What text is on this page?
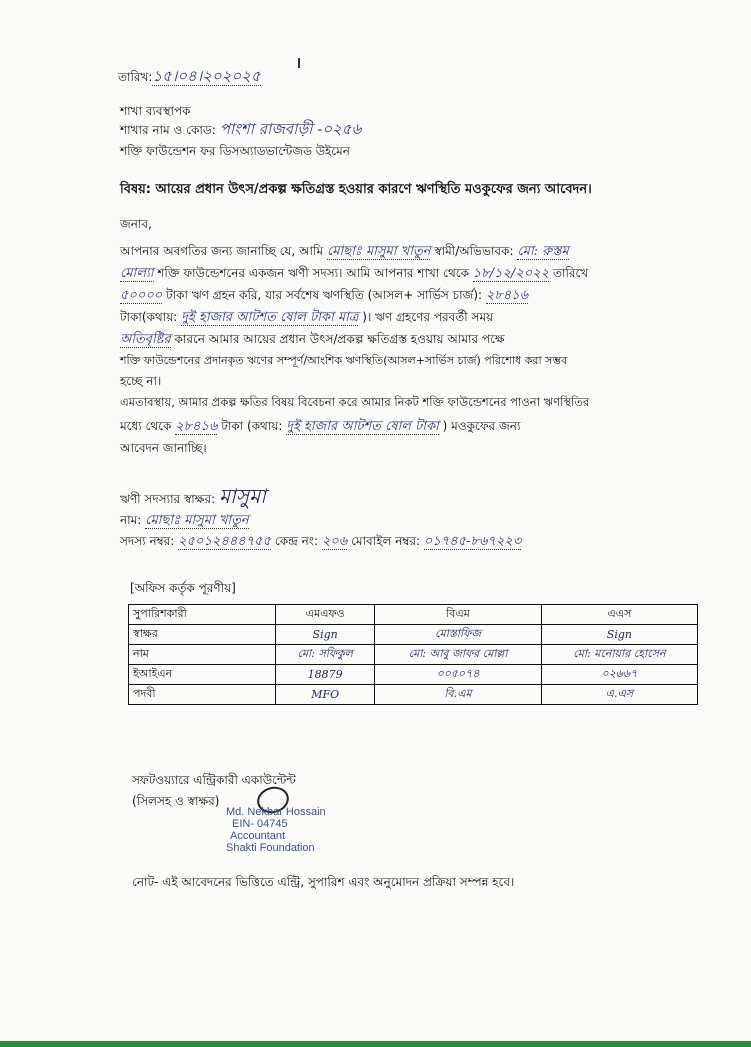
তারিখ:১৫।০৪।২০২০২৫
শাখা ব্যবস্থাপক
শাখার নাম ও কোড: পাংশা রাজবাড়ী -০২৫৬
শক্তি ফাউন্ডেশন ফর ডিসঅ্যাডভান্টেজড উইমেন
বিষয়: আয়ের প্রধান উৎস/প্রকল্প ক্ষতিগ্রস্ত হওয়ার কারণে ঋণস্থিতি মওকুফের জন্য আবেদন।
জনাব,
আপনার অবগতির জন্য জানাচ্ছি যে, আমি মোছাঃ মাসুমা খাতুন স্বামী/অভিভাবক: মো: রুস্তম
মোল্যা শক্তি ফাউন্ডেশনের একজন ঋণী সদস্য। আমি আপনার শাখা থেকে ১৮/১২/২০২২ তারিখে
৫০০০০ টাকা ঋণ গ্রহন করি, যার সর্বশেষ ঋণস্থিতি (আসল+ সার্ভিস চার্জ): ২৮৪১৬
টাকা(কথায়: দুই হাজার আটশত ষোল টাকা মাত্র )। ঋণ গ্রহণের পরবর্তী সময়
অতিবৃষ্টির কারনে আমার আয়ের প্রধান উৎস/প্রকল্প ক্ষতিগ্রস্ত হওয়ায় আমার পক্ষে
শক্তি ফাউন্ডেশনের প্রদানকৃত ঋণের সম্পূর্ণ/আংশিক ঋণস্থিতি(আসল+সার্ভিস চার্জ) পরিশোধ করা সম্ভব
হচ্ছে না।
এমতাবস্থায়, আমার প্রকল্প ক্ষতির বিষয় বিবেচনা করে আমার নিকট শক্তি ফাউন্ডেশনের পাওনা ঋণস্থিতির
মধ্যে থেকে ২৮৪১৬ টাকা (কথায়: দুই হাজার আটশত ষোল টাকা ) মওকুফের জন্য
আবেদন জানাচ্ছি।
ঋণী সদস্যার স্বাক্ষর: মাসুমা
নাম: মোছাঃ মাসুমা খাতুন
সদস্য নম্বর: ২৫০১২৪৪৪৭৫৫ কেন্দ্র নং: ২০৬ মোবাইল নম্বর: ০১৭৪৫-৮৬৭২২৩
[অফিস কর্তৃক পূরণীয়]
সুপারিশকারী	এমএফও	বিএম	এএস
স্বাক্ষর	Sign	মোস্তাফিজ	Sign
নাম	মো: সফিকুল	মো: আবু জাফর মোল্লা	মো: মনোয়ার হোসেন
ইআইএন	18879	০০৫০৭৪	০২৬৬৭
পদবী	MFO	বি.এম	এ.এস
সফটওয়্যারে এন্ট্রিকারী একাউন্টেন্ট
(সিলসহ ও স্বাক্ষর)
Md. Nekbar Hossain
EIN- 04745
Accountant
Shakti Foundation
নোট- এই আবেদনের ভিত্তিতে এন্ট্রি, সুপারিশ এবং অনুমোদন প্রক্রিয়া সম্পন্ন হবে।
